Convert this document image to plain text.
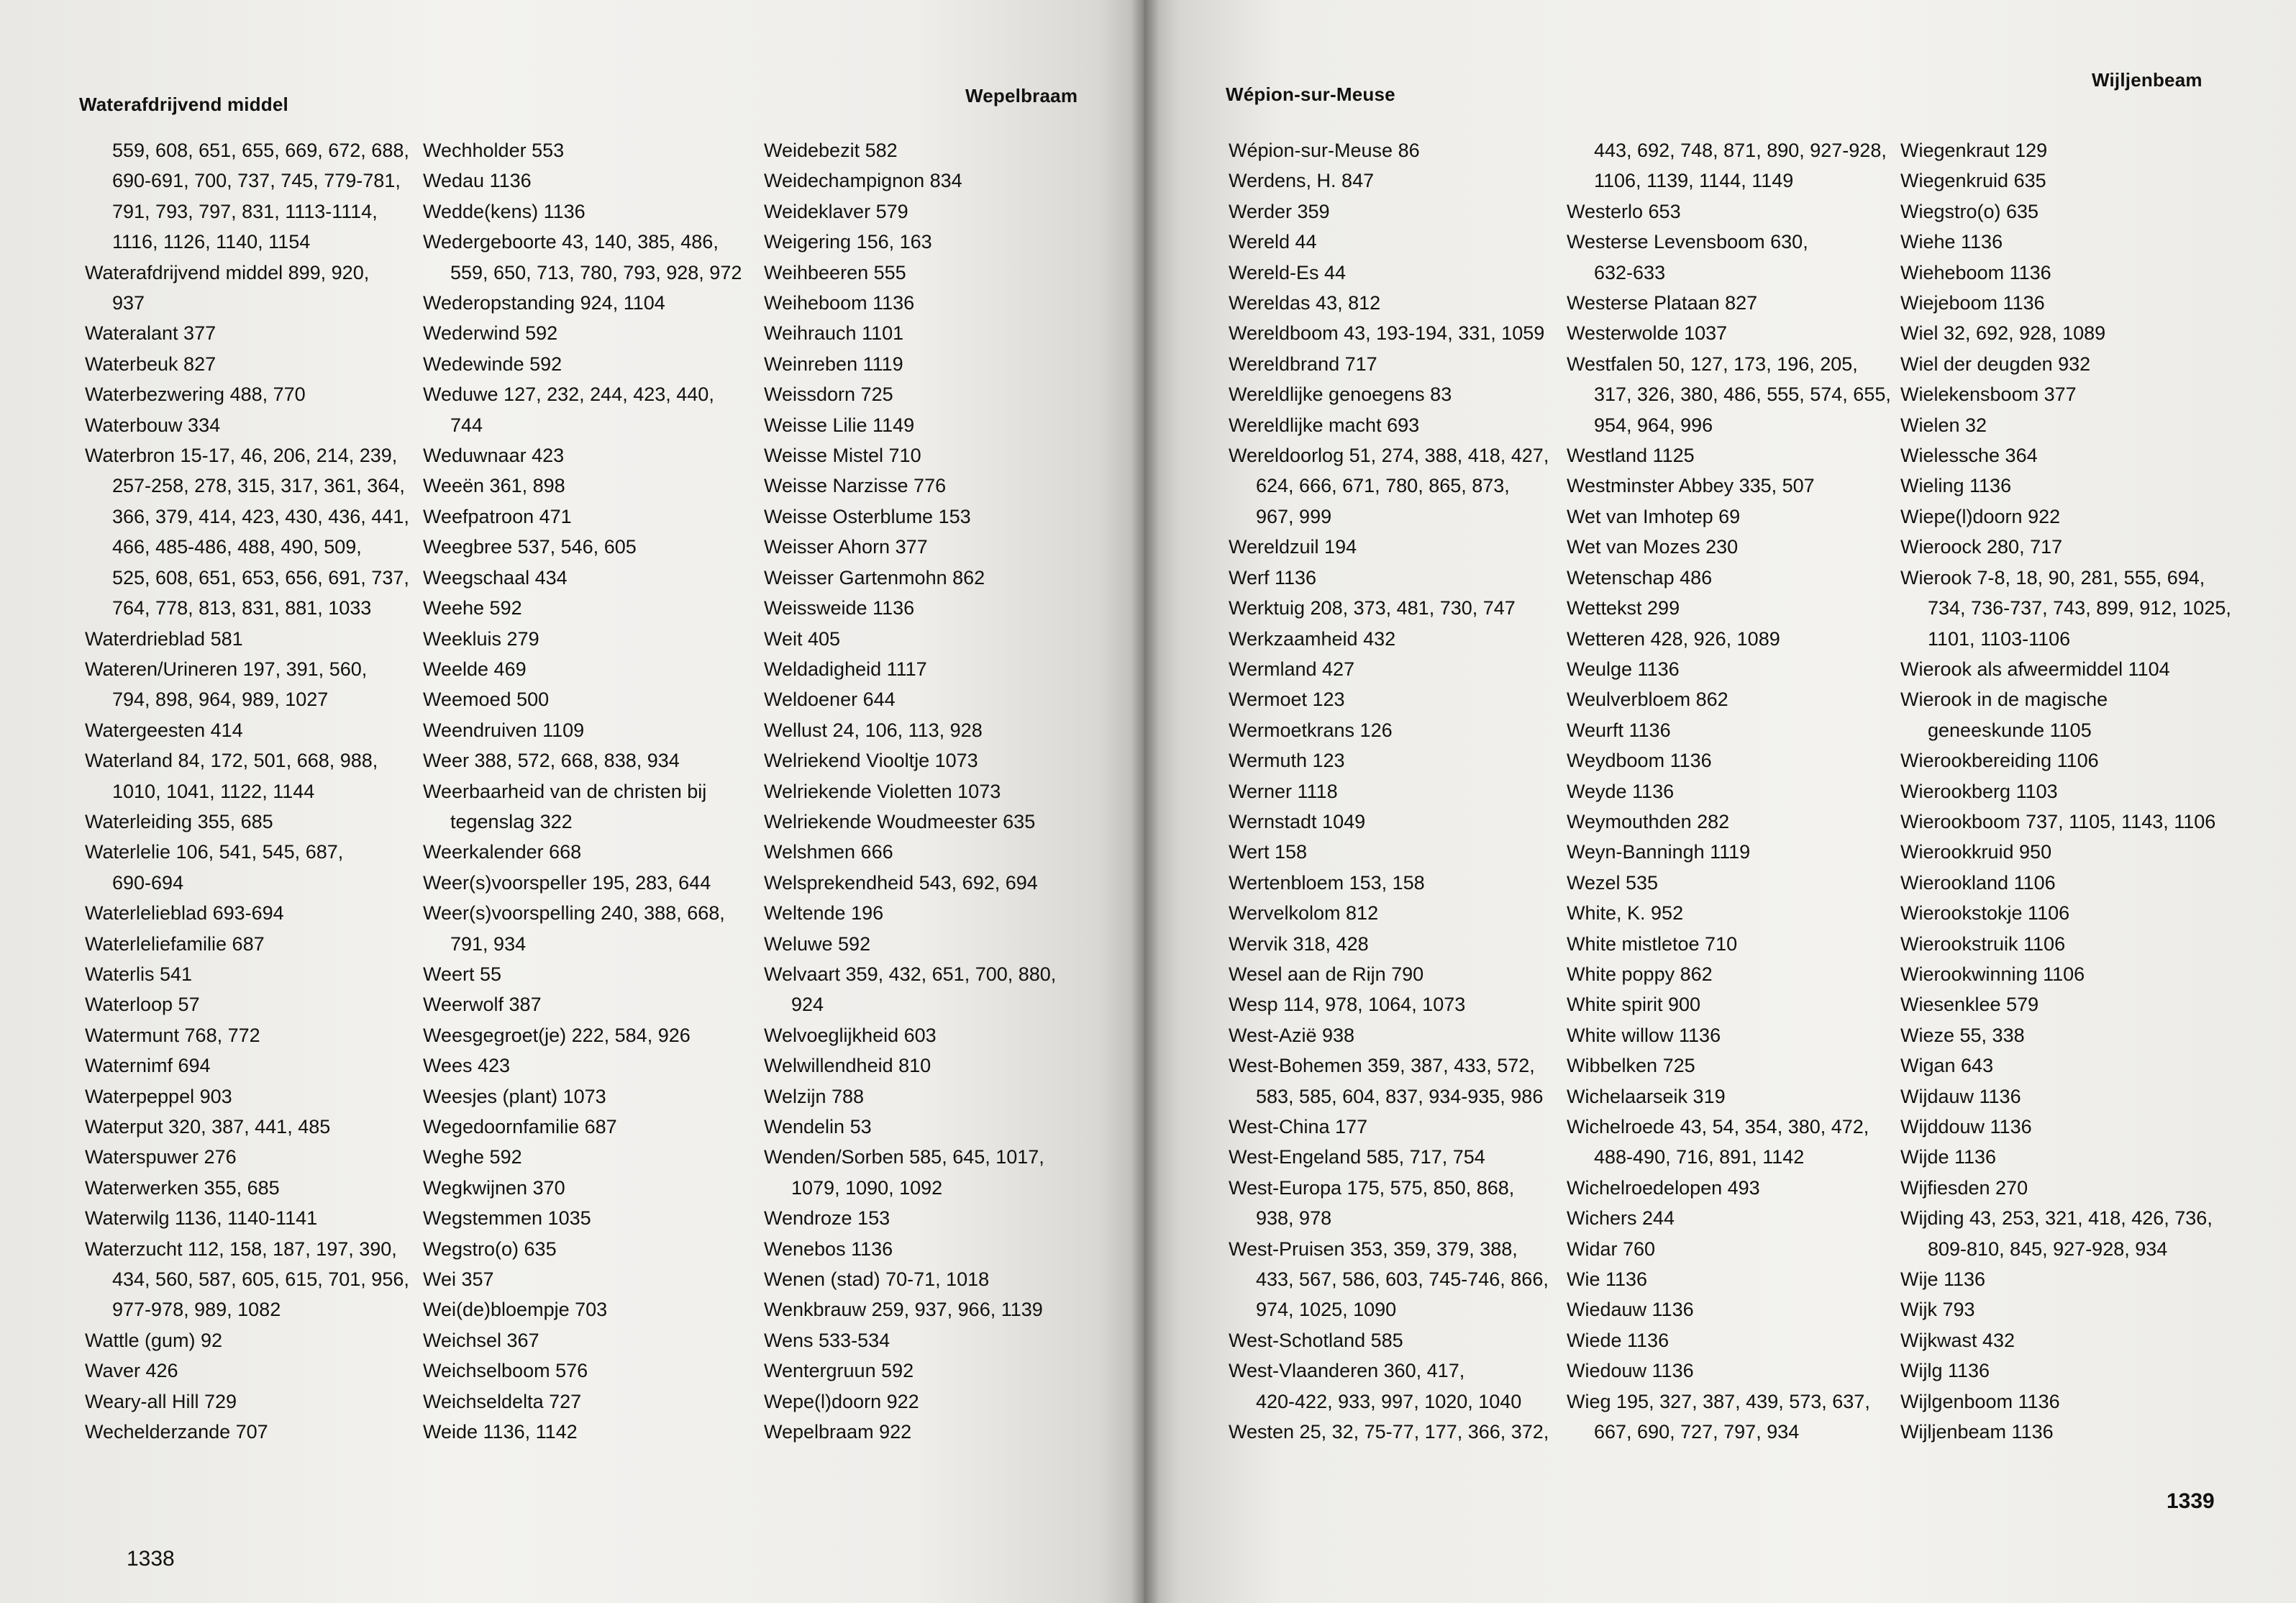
Waterafdrijvend middel	Wepelbraam
559, 608, 651, 655, 669, 672, 688,
690-691, 700, 737, 745, 779-781,
791, 793, 797, 831, 1113-1114,
1116, 1126, 1140, 1154
Waterafdrijvend middel 899, 920,
937
Wateralant 377
Waterbeuk 827
Waterbezwering 488, 770
Waterbouw 334
Waterbron 15-17, 46, 206, 214, 239,
257-258, 278, 315, 317, 361, 364,
366, 379, 414, 423, 430, 436, 441,
466, 485-486, 488, 490, 509,
525, 608, 651, 653, 656, 691, 737,
764, 778, 813, 831, 881, 1033
Waterdrieblad 581
Wateren/Urineren 197, 391, 560,
794, 898, 964, 989, 1027
Watergeesten 414
Waterland 84, 172, 501, 668, 988,
1010, 1041, 1122, 1144
Waterleiding 355, 685
Waterlelie 106, 541, 545, 687,
690-694
Waterlelieblad 693-694
Waterleliefamilie 687
Waterlis 541
Waterloop 57
Watermunt 768, 772
Waternimf 694
Waterpeppel 903
Waterput 320, 387, 441, 485
Waterspuwer 276
Waterwerken 355, 685
Waterwilg 1136, 1140-1141
Waterzucht 112, 158, 187, 197, 390,
434, 560, 587, 605, 615, 701, 956,
977-978, 989, 1082
Wattle (gum) 92
Waver 426
Weary-all Hill 729
Wechelderzande 707
Wechholder 553
Wedau 1136
Wedde(kens) 1136
Wedergeboorte 43, 140, 385, 486,
559, 650, 713, 780, 793, 928, 972
Wederopstanding 924, 1104
Wederwind 592
Wedewinde 592
Weduwe 127, 232, 244, 423, 440,
744
Weduwnaar 423
Weeën 361, 898
Weefpatroon 471
Weegbree 537, 546, 605
Weegschaal 434
Weehe 592
Weekluis 279
Weelde 469
Weemoed 500
Weendruiven 1109
Weer 388, 572, 668, 838, 934
Weerbaarheid van de christen bij
tegenslag 322
Weerkalender 668
Weer(s)voorspeller 195, 283, 644
Weer(s)voorspelling 240, 388, 668,
791, 934
Weert 55
Weerwolf 387
Weesgegroet(je) 222, 584, 926
Wees 423
Weesjes (plant) 1073
Wegedoornfamilie 687
Weghe 592
Wegkwijnen 370
Wegstemmen 1035
Wegstro(o) 635
Wei 357
Wei(de)bloempje 703
Weichsel 367
Weichselboom 576
Weichseldelta 727
Weide 1136, 1142
Weidebezit 582
Weidechampignon 834
Weideklaver 579
Weigering 156, 163
Weihbeeren 555
Weiheboom 1136
Weihrauch 1101
Weinreben 1119
Weissdorn 725
Weisse Lilie 1149
Weisse Mistel 710
Weisse Narzisse 776
Weisse Osterblume 153
Weisser Ahorn 377
Weisser Gartenmohn 862
Weissweide 1136
Weit 405
Weldadigheid 1117
Weldoener 644
Wellust 24, 106, 113, 928
Welriekend Viooltje 1073
Welriekende Violetten 1073
Welriekende Woudmeester 635
Welshmen 666
Welsprekendheid 543, 692, 694
Weltende 196
Weluwe 592
Welvaart 359, 432, 651, 700, 880,
924
Welvoeglijkheid 603
Welwillendheid 810
Welzijn 788
Wendelin 53
Wenden/Sorben 585, 645, 1017,
1079, 1090, 1092
Wendroze 153
Wenebos 1136
Wenen (stad) 70-71, 1018
Wenkbrauw 259, 937, 966, 1139
Wens 533-534
Wentergruun 592
Wepe(l)doorn 922
Wepelbraam 922
1338
Wépion-sur-Meuse
Wijljenbeam
Wépion-sur-Meuse 86
Werdens, H. 847
Werder 359
Wereld 44
Wereld-Es 44
Wereldas 43, 812
Wereldboom 43, 193-194, 331, 1059
Wereldbrand 717
Wereldlijke genoegens 83
Wereldlijke macht 693
Wereldoorlog 51, 274, 388, 418, 427,
624, 666, 671, 780, 865, 873,
967, 999
Wereldzuil 194
Werf 1136
Werktuig 208, 373, 481, 730, 747
Werkzaamheid 432
Wermland 427
Wermoet 123
Wermoetkrans 126
Wermuth 123
Werner 1118
Wernstadt 1049
Wert 158
Wertenbloem 153, 158
Wervelkolom 812
Wervik 318, 428
Wesel aan de Rijn 790
Wesp 114, 978, 1064, 1073
West-Azië 938
West-Bohemen 359, 387, 433, 572,
583, 585, 604, 837, 934-935, 986
West-China 177
West-Engeland 585, 717, 754
West-Europa 175, 575, 850, 868,
938, 978
West-Pruisen 353, 359, 379, 388,
433, 567, 586, 603, 745-746, 866,
974, 1025, 1090
West-Schotland 585
West-Vlaanderen 360, 417,
420-422, 933, 997, 1020, 1040
Westen 25, 32, 75-77, 177, 366, 372,
443, 692, 748, 871, 890, 927-928,
1106, 1139, 1144, 1149
Westerlo 653
Westerse Levensboom 630,
632-633
Westerse Plataan 827
Westerwolde 1037
Westfalen 50, 127, 173, 196, 205,
317, 326, 380, 486, 555, 574, 655,
954, 964, 996
Westland 1125
Westminster Abbey 335, 507
Wet van Imhotep 69
Wet van Mozes 230
Wetenschap 486
Wettekst 299
Wetteren 428, 926, 1089
Weulge 1136
Weulverbloem 862
Weurft 1136
Weydboom 1136
Weyde 1136
Weymouthden 282
Weyn-Banningh 1119
Wezel 535
White, K. 952
White mistletoe 710
White poppy 862
White spirit 900
White willow 1136
Wibbelken 725
Wichelaarseik 319
Wichelroede 43, 54, 354, 380, 472,
488-490, 716, 891, 1142
Wichelroedelopen 493
Wichers 244
Widar 760
Wie 1136
Wiedauw 1136
Wiede 1136
Wiedouw 1136
Wieg 195, 327, 387, 439, 573, 637,
667, 690, 727, 797, 934
Wiegenkraut 129
Wiegenkruid 635
Wiegstro(o) 635
Wiehe 1136
Wieheboom 1136
Wiejeboom 1136
Wiel 32, 692, 928, 1089
Wiel der deugden 932
Wielekensboom 377
Wielen 32
Wielessche 364
Wieling 1136
Wiepe(l)doorn 922
Wieroock 280, 717
Wierook 7-8, 18, 90, 281, 555, 694,
734, 736-737, 743, 899, 912, 1025,
1101, 1103-1106
Wierook als afweermiddel 1104
Wierook in de magische
geneeskunde 1105
Wierookbereiding 1106
Wierookberg 1103
Wierookboom 737, 1105, 1143, 1106
Wierookkruid 950
Wierookland 1106
Wierookstokje 1106
Wierookstruik 1106
Wierookwinning 1106
Wiesenklee 579
Wieze 55, 338
Wigan 643
Wijdauw 1136
Wijddouw 1136
Wijde 1136
Wijfiesden 270
Wijding 43, 253, 321, 418, 426, 736,
809-810, 845, 927-928, 934
Wije 1136
Wijk 793
Wijkwast 432
Wijlg 1136
Wijlgenboom 1136
Wijljenbeam 1136
1339
